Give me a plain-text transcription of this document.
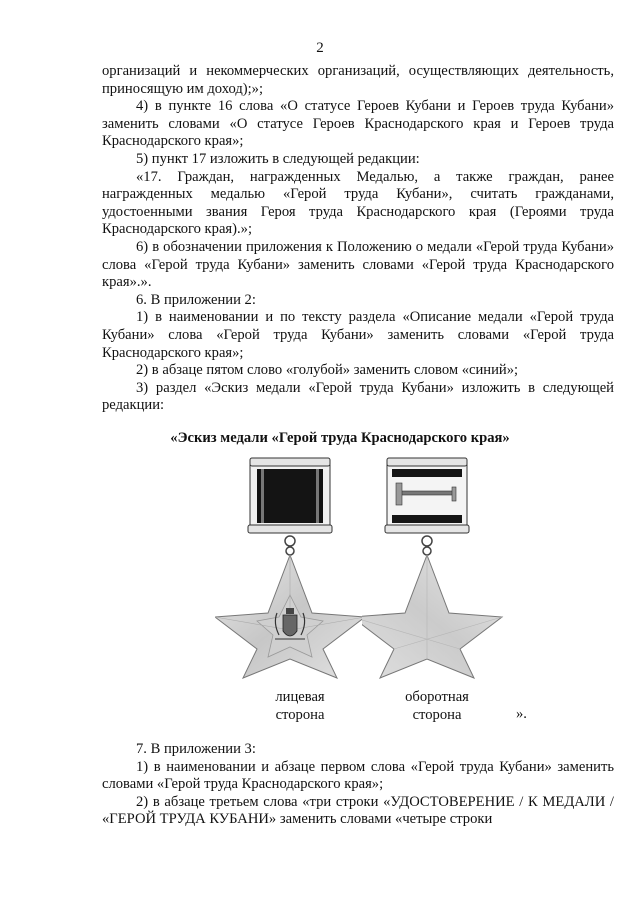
2

организаций и некоммерческих организаций, осуществляющих деятельность, приносящую им доход);»;

4) в пункте 16 слова «О статусе Героев Кубани и Героев труда Кубани» заменить словами «О статусе Героев Краснодарского края и Героев труда Краснодарского края»;

5) пункт 17 изложить в следующей редакции:

«17. Граждан, награжденных Медалью, а также граждан, ранее награжденных медалью «Герой труда Кубани», считать гражданами, удостоенными звания Героя труда Краснодарского края (Героями труда Краснодарского края).»;

6) в обозначении приложения к Положению о медали «Герой труда Кубани» слова «Герой труда Кубани» заменить словами «Герой труда Краснодарского края».».

6. В приложении 2:

1) в наименовании и по тексту раздела «Описание медали «Герой труда Кубани» слова «Герой труда Кубани» заменить словами «Герой труда Краснодарского края»;

2) в абзаце пятом слово «голубой» заменить словом «синий»;

3) раздел «Эскиз медали «Герой труда Кубани» изложить в следующей редакции:

«Эскиз медали «Герой труда Краснодарского края»
лицевая
сторона
оборотная
сторона	».

7. В приложении 3:

1) в наименовании и абзаце первом слова «Герой труда Кубани» заменить словами «Герой труда Краснодарского края»;

2) в абзаце третьем слова «три строки «УДОСТОВЕРЕНИЕ / К МЕДАЛИ / «ГЕРОЙ ТРУДА КУБАНИ» заменить словами «четыре строки
